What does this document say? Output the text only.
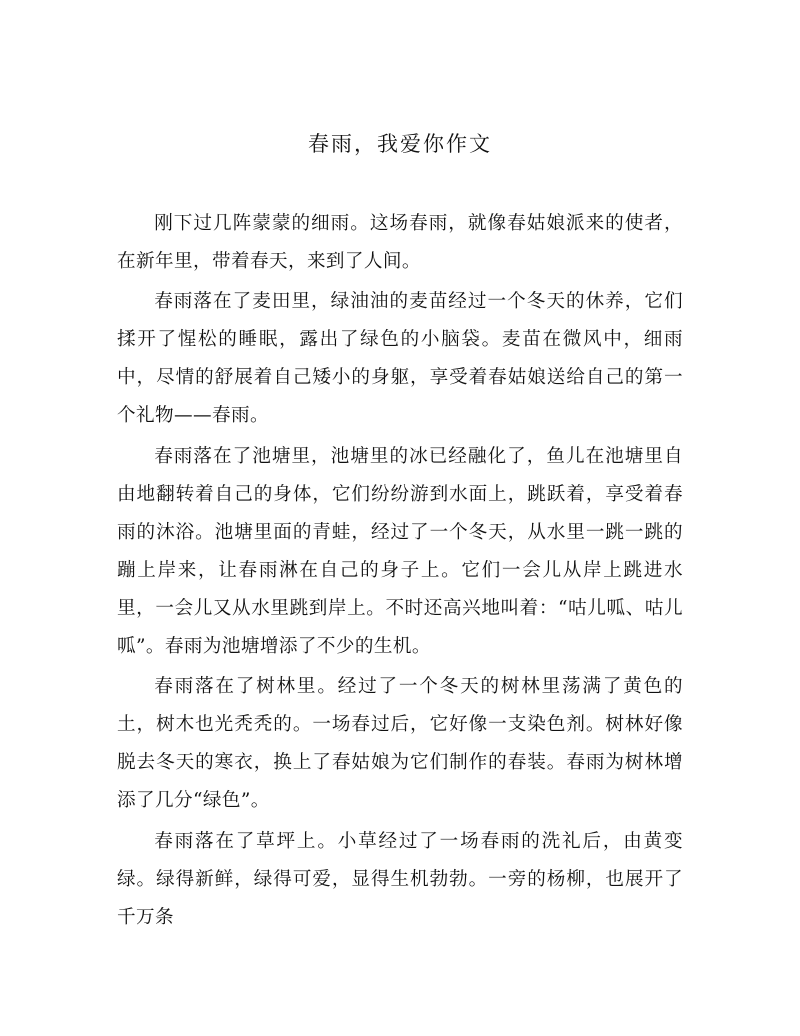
春雨，我爱你作文

刚下过几阵蒙蒙的细雨。这场春雨，就像春姑娘派来的使者，在新年里，带着春天，来到了人间。

春雨落在了麦田里，绿油油的麦苗经过一个冬天的休养，它们揉开了惺松的睡眠，露出了绿色的小脑袋。麦苗在微风中，细雨中，尽情的舒展着自己矮小的身躯，享受着春姑娘送给自己的第一个礼物——春雨。

春雨落在了池塘里，池塘里的冰已经融化了，鱼儿在池塘里自由地翻转着自己的身体，它们纷纷游到水面上，跳跃着，享受着春雨的沐浴。池塘里面的青蛙，经过了一个冬天，从水里一跳一跳的蹦上岸来，让春雨淋在自己的身子上。它们一会儿从岸上跳进水里，一会儿又从水里跳到岸上。不时还高兴地叫着：“咕儿呱、咕儿呱”。春雨为池塘增添了不少的生机。

春雨落在了树林里。经过了一个冬天的树林里荡满了黄色的土，树木也光秃秃的。一场春过后，它好像一支染色剂。树林好像脱去冬天的寒衣，换上了春姑娘为它们制作的春装。春雨为树林增添了几分“绿色”。

春雨落在了草坪上。小草经过了一场春雨的洗礼后，由黄变绿。绿得新鲜，绿得可爱，显得生机勃勃。一旁的杨柳，也展开了千万条
